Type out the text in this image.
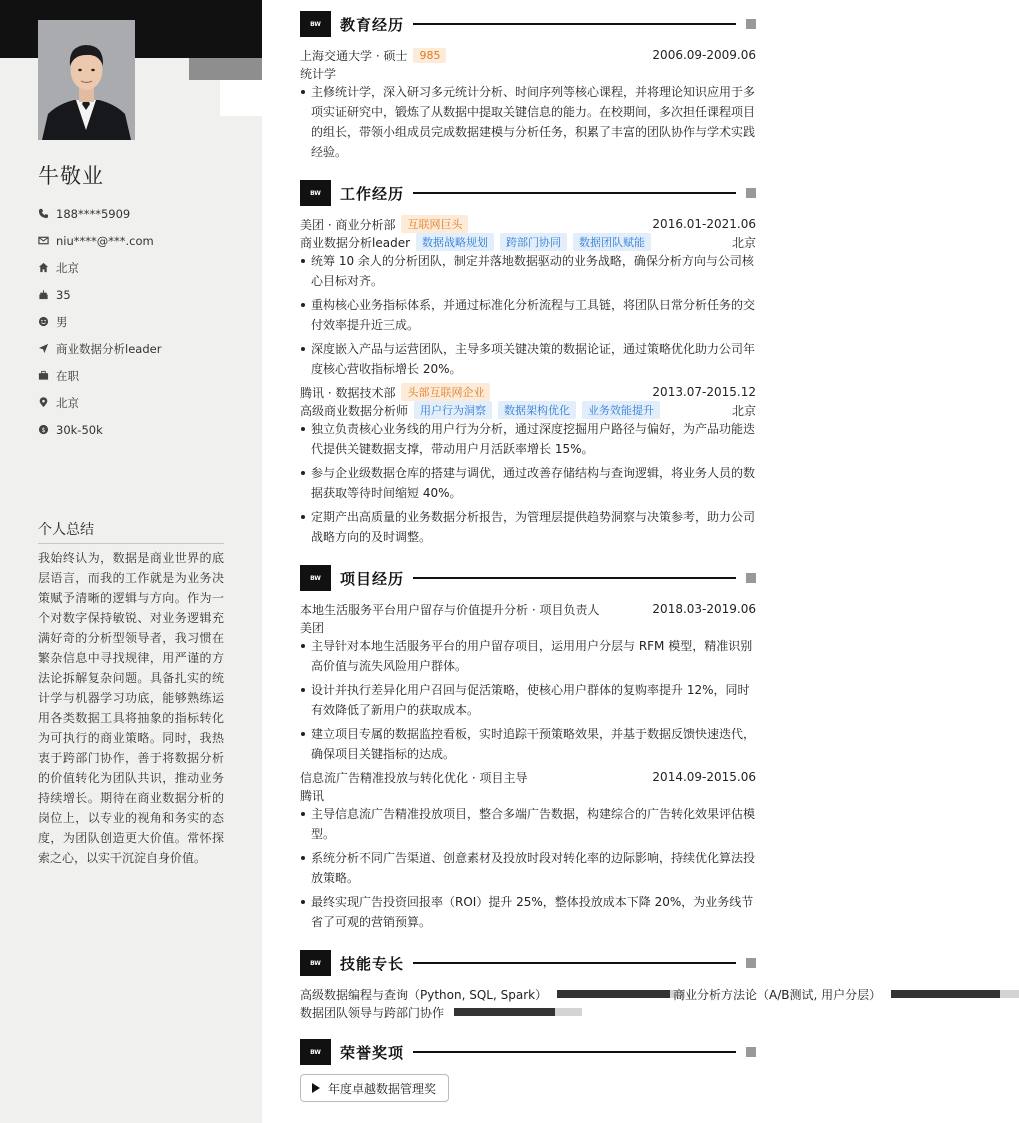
牛敬业
188****5909
niu****@***.com
北京
35
男
商业数据分析leader
在职
北京
$ 30k-50k
个人总结
我始终认为，数据是商业世界的底层语言，而我的工作就是为业务决策赋予清晰的逻辑与方向。作为一个对数字保持敏锐、对业务逻辑充满好奇的分析型领导者，我习惯在繁杂信息中寻找规律，用严谨的方法论拆解复杂问题。具备扎实的统计学与机器学习功底，能够熟练运用各类数据工具将抽象的指标转化为可执行的商业策略。同时，我热衷于跨部门协作，善于将数据分析的价值转化为团队共识，推动业务持续增长。期待在商业数据分析的岗位上，以专业的视角和务实的态度，为团队创造更大价值。常怀探索之心，以实干沉淀自身价值。
BW	教育经历
上海交通大学 · 硕士	985	2006.09-2009.06
统计学
主修统计学，深入研习多元统计分析、时间序列等核心课程，并将理论知识应用于多项实证研究中，锻炼了从数据中提取关键信息的能力。在校期间，多次担任课程项目的组长，带领小组成员完成数据建模与分析任务，积累了丰富的团队协作与学术实践经验。
BW	工作经历
美团 · 商业分析部	互联网巨头	2016.01-2021.06
商业数据分析leader	数据战略规划	跨部门协同	数据团队赋能	北京
统筹 10 余人的分析团队，制定并落地数据驱动的业务战略，确保分析方向与公司核心目标对齐。
重构核心业务指标体系，并通过标准化分析流程与工具链，将团队日常分析任务的交付效率提升近三成。
深度嵌入产品与运营团队，主导多项关键决策的数据论证，通过策略优化助力公司年度核心营收指标增长 20%。
腾讯 · 数据技术部	头部互联网企业	2013.07-2015.12
高级商业数据分析师	用户行为洞察	数据架构优化	业务效能提升	北京
独立负责核心业务线的用户行为分析，通过深度挖掘用户路径与偏好，为产品功能迭代提供关键数据支撑，带动用户月活跃率增长 15%。
参与企业级数据仓库的搭建与调优，通过改善存储结构与查询逻辑，将业务人员的数据获取等待时间缩短 40%。
定期产出高质量的业务数据分析报告，为管理层提供趋势洞察与决策参考，助力公司战略方向的及时调整。
BW	项目经历
本地生活服务平台用户留存与价值提升分析 · 项目负责人	2018.03-2019.06
美团
主导针对本地生活服务平台的用户留存项目，运用用户分层与 RFM 模型，精准识别高价值与流失风险用户群体。
设计并执行差异化用户召回与促活策略，使核心用户群体的复购率提升 12%，同时有效降低了新用户的获取成本。
建立项目专属的数据监控看板，实时追踪干预策略效果，并基于数据反馈快速迭代，确保项目关键指标的达成。
信息流广告精准投放与转化优化 · 项目主导	2014.09-2015.06
腾讯
主导信息流广告精准投放项目，整合多端广告数据，构建综合的广告转化效果评估模型。
系统分析不同广告渠道、创意素材及投放时段对转化率的边际影响，持续优化算法投放策略。
最终实现广告投资回报率（ROI）提升 25%，整体投放成本下降 20%，为业务线节省了可观的营销预算。
BW	技能专长
高级数据编程与查询（Python, SQL, Spark）	商业分析方法论（A/B测试, 用户分层）
数据团队领导与跨部门协作
BW	荣誉奖项
年度卓越数据管理奖
